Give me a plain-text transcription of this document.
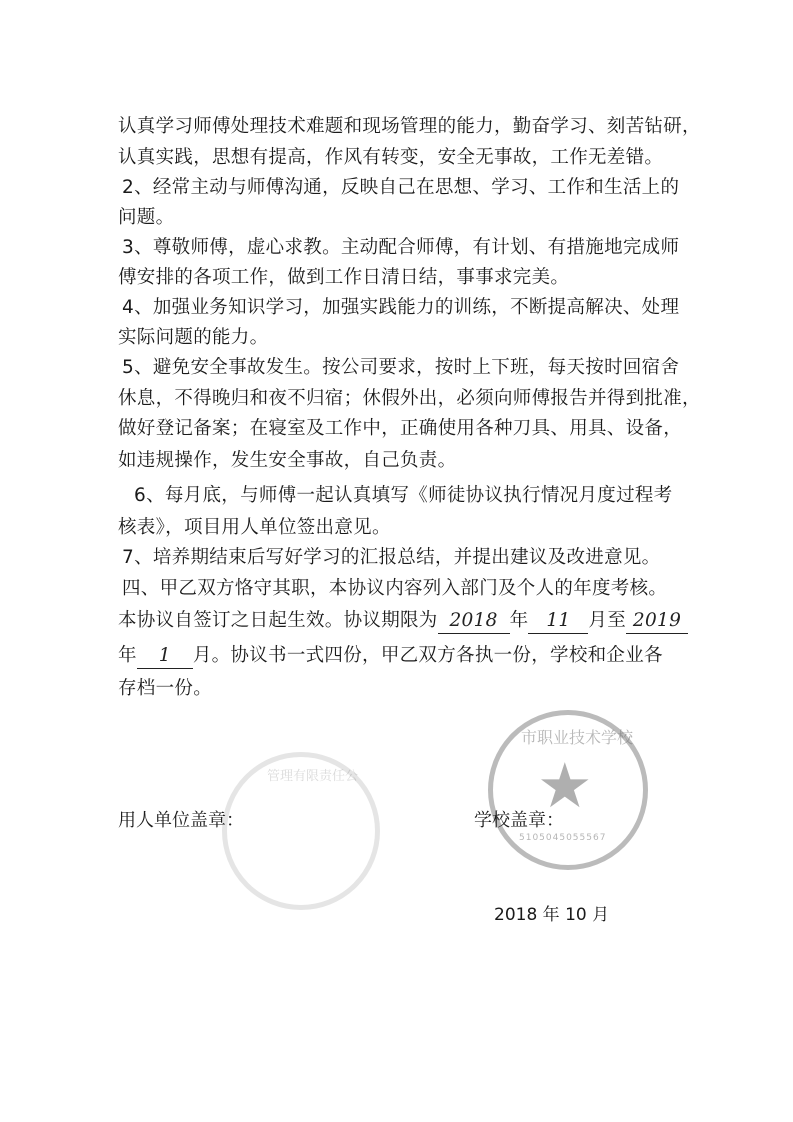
认真学习师傅处理技术难题和现场管理的能力，勤奋学习、刻苦钻研，
认真实践，思想有提高，作风有转变，安全无事故，工作无差错。
2、经常主动与师傅沟通，反映自己在思想、学习、工作和生活上的
问题。
3、尊敬师傅，虚心求教。主动配合师傅，有计划、有措施地完成师
傅安排的各项工作，做到工作日清日结，事事求完美。
4、加强业务知识学习，加强实践能力的训练，不断提高解决、处理
实际问题的能力。
5、避免安全事故发生。按公司要求，按时上下班，每天按时回宿舍
休息，不得晚归和夜不归宿；休假外出，必须向师傅报告并得到批准，
做好登记备案；在寝室及工作中，正确使用各种刀具、用具、设备，
如违规操作，发生安全事故，自己负责。
6、每月底，与师傅一起认真填写《师徒协议执行情况月度过程考
核表》，项目用人单位签出意见。
7、培养期结束后写好学习的汇报总结，并提出建议及改进意见。
四、甲乙双方恪守其职，本协议内容列入部门及个人的年度考核。
本协议自签订之日起生效。协议期限为 2018 年 11 月至 2019
年 1 月。协议书一式四份，甲乙双方各执一份，学校和企业各
存档一份。
管理有限责任公	★
市职业技术学校
5105045055567
用人单位盖章：	学校盖章：
2018 年 10 月
